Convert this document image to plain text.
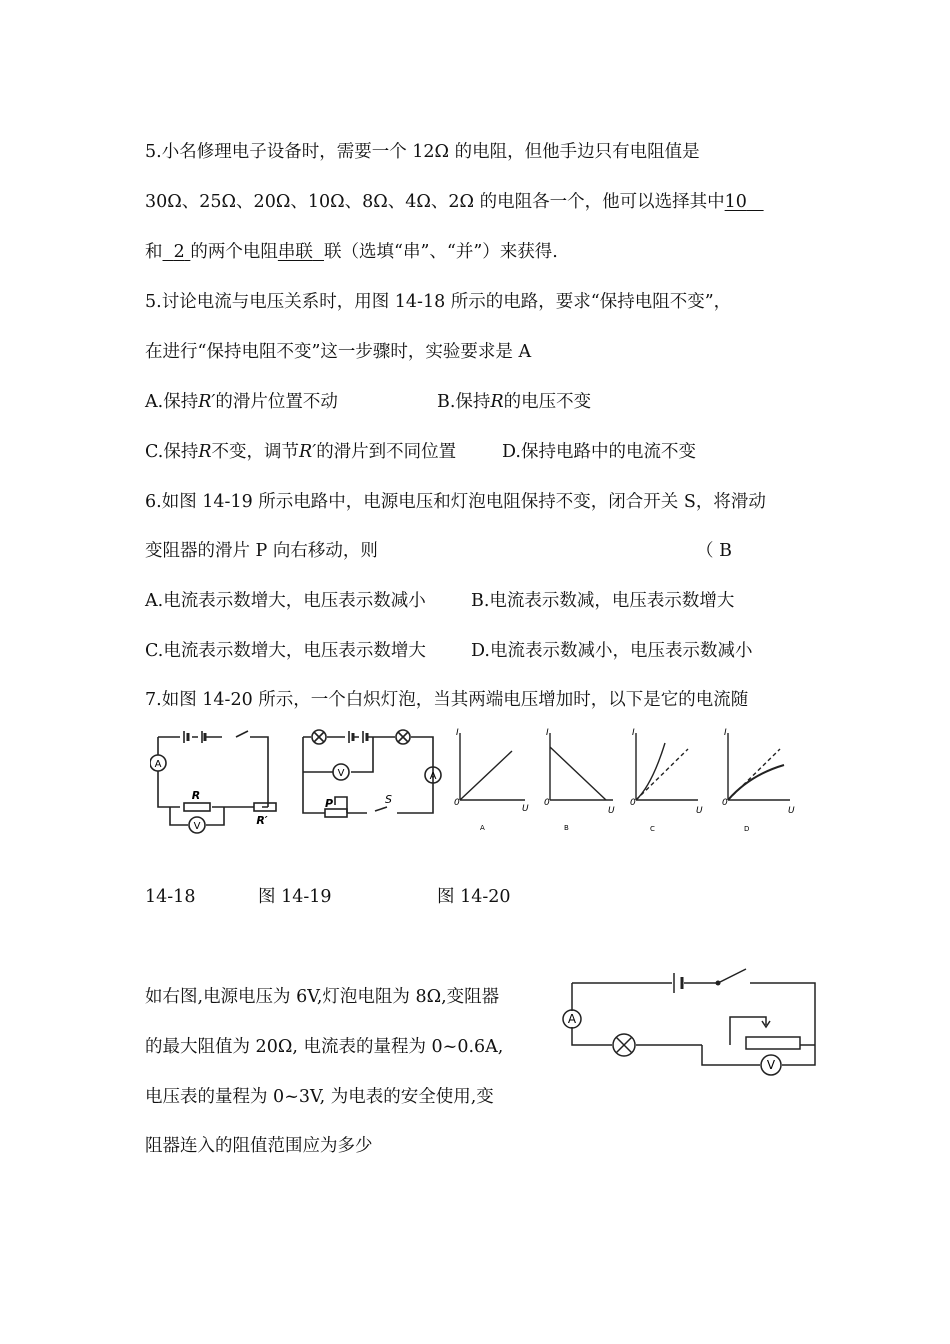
5.小名修理电子设备时，需要一个 12Ω 的电阻，但他手边只有电阻值是
30Ω、25Ω、20Ω、10Ω、8Ω、4Ω、2Ω 的电阻各一个，他可以选择其中10
和 2 的两个电阻串联 联（选填“串”、“并”）来获得.
5.讨论电流与电压关系时，用图 14-18 所示的电路，要求“保持电阻不变”，
在进行“保持电阻不变”这一步骤时，实验要求是 A
A.保持R′的滑片位置不动	B.保持R的电压不变
C.保持R不变，调节R′的滑片到不同位置	D.保持电路中的电流不变
6.如图 14-19 所示电路中，电源电压和灯泡电阻保持不变，闭合开关 S，将滑动
变阻器的滑片 P 向右移动，则	（ B
A.电流表示数增大，电压表示数减小	B.电流表示数减，电压表示数增大
C.电流表示数增大，电压表示数增大	D.电流表示数减小，电压表示数减小
7.如图 14-20 所示，一个白炽灯泡，当其两端电压增加时，以下是它的电流随
A
V
R
R′
V	A
P	S
I
0
U
A
I
0
U
B
I
0
U
C
I
0
U
D
14-18	图 14-19	图 14-20
如右图,电源电压为 6V,灯泡电阻为 8Ω,变阻器
的最大阻值为 20Ω, 电流表的量程为 0~0.6A,
电压表的量程为 0~3V, 为电表的安全使用,变
阻器连入的阻值范围应为多少
A
V
